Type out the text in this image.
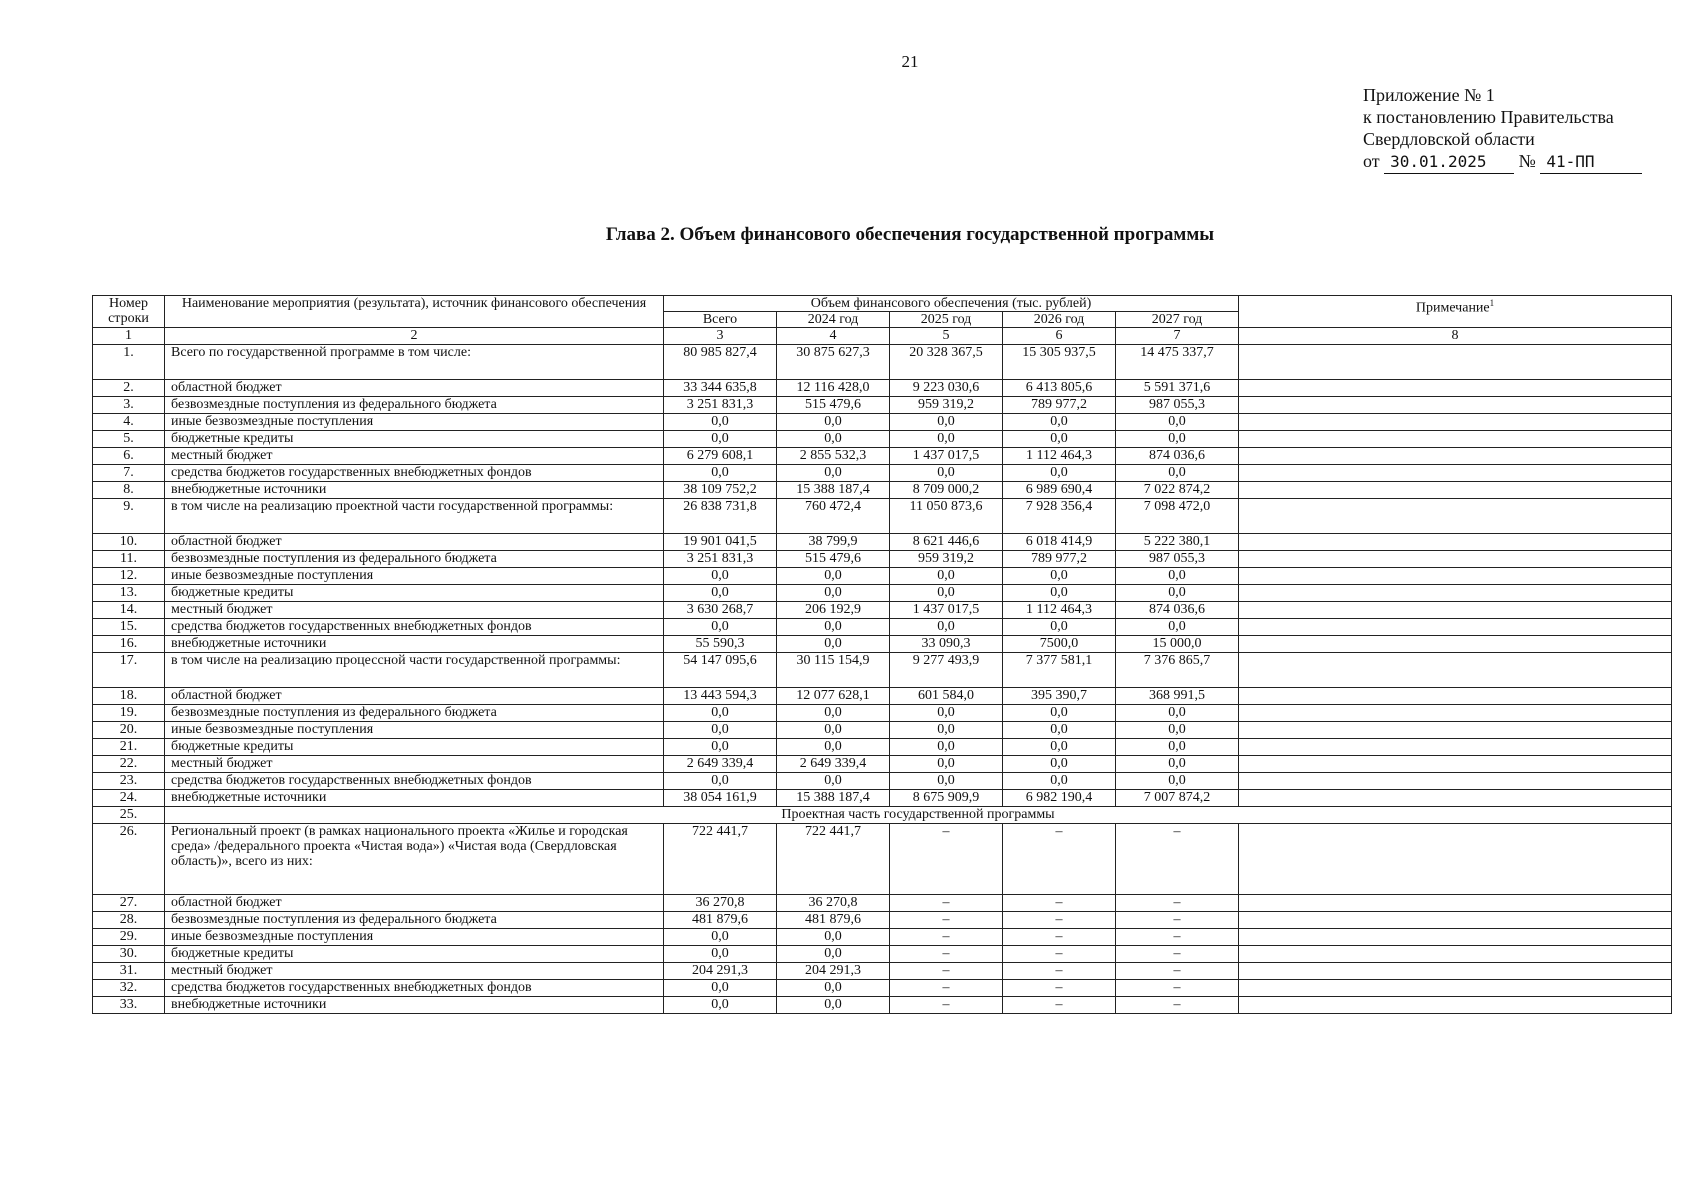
21
Приложение № 1
к постановлению Правительства
Свердловской области
от 30.01.2025 № 41-ПП
Глава 2. Объем финансового обеспечения государственной программы
Номер строки	Наименование мероприятия (результата), источник финансового обеспечения	Объем финансового обеспечения (тыс. рублей)					Примечание$^1$
		Всего	2024 год	2025 год	2026 год	2027 год	
1	2	3	4	5	6	7	8
1.	Всего по государственной программе в том числе:	80 985 827,4	30 875 627,3	20 328 367,5	15 305 937,5	14 475 337,7	
2.	областной бюджет	33 344 635,8	12 116 428,0	9 223 030,6	6 413 805,6	5 591 371,6	
3.	безвозмездные поступления из федерального бюджета	3 251 831,3	515 479,6	959 319,2	789 977,2	987 055,3	
4.	иные безвозмездные поступления	0,0	0,0	0,0	0,0	0,0	
5.	бюджетные кредиты	0,0	0,0	0,0	0,0	0,0	
6.	местный бюджет	6 279 608,1	2 855 532,3	1 437 017,5	1 112 464,3	874 036,6	
7.	средства бюджетов государственных внебюджетных фондов	0,0	0,0	0,0	0,0	0,0	
8.	внебюджетные источники	38 109 752,2	15 388 187,4	8 709 000,2	6 989 690,4	7 022 874,2	
9.	в том числе на реализацию проектной части государственной программы:	26 838 731,8	760 472,4	11 050 873,6	7 928 356,4	7 098 472,0	
10.	областной бюджет	19 901 041,5	38 799,9	8 621 446,6	6 018 414,9	5 222 380,1	
11.	безвозмездные поступления из федерального бюджета	3 251 831,3	515 479,6	959 319,2	789 977,2	987 055,3	
12.	иные безвозмездные поступления	0,0	0,0	0,0	0,0	0,0	
13.	бюджетные кредиты	0,0	0,0	0,0	0,0	0,0	
14.	местный бюджет	3 630 268,7	206 192,9	1 437 017,5	1 112 464,3	874 036,6	
15.	средства бюджетов государственных внебюджетных фондов	0,0	0,0	0,0	0,0	0,0	
16.	внебюджетные источники	55 590,3	0,0	33 090,3	7500,0	15 000,0	
17.	в том числе на реализацию процессной части государственной программы:	54 147 095,6	30 115 154,9	9 277 493,9	7 377 581,1	7 376 865,7	
18.	областной бюджет	13 443 594,3	12 077 628,1	601 584,0	395 390,7	368 991,5	
19.	безвозмездные поступления из федерального бюджета	0,0	0,0	0,0	0,0	0,0	
20.	иные безвозмездные поступления	0,0	0,0	0,0	0,0	0,0	
21.	бюджетные кредиты	0,0	0,0	0,0	0,0	0,0	
22.	местный бюджет	2 649 339,4	2 649 339,4	0,0	0,0	0,0	
23.	средства бюджетов государственных внебюджетных фондов	0,0	0,0	0,0	0,0	0,0	
24.	внебюджетные источники	38 054 161,9	15 388 187,4	8 675 909,9	6 982 190,4	7 007 874,2	
25.	Проектная часть государственной программы						
26.	Региональный проект (в рамках национального проекта «Жилье и городская среда» /федерального проекта «Чистая вода») «Чистая вода (Свердловская область)», всего из них:	722 441,7	722 441,7	–	–	–	
27.	областной бюджет	36 270,8	36 270,8	–	–	–	
28.	безвозмездные поступления из федерального бюджета	481 879,6	481 879,6	–	–	–	
29.	иные безвозмездные поступления	0,0	0,0	–	–	–	
30.	бюджетные кредиты	0,0	0,0	–	–	–	
31.	местный бюджет	204 291,3	204 291,3	–	–	–	
32.	средства бюджетов государственных внебюджетных фондов	0,0	0,0	–	–	–	
33.	внебюджетные источники	0,0	0,0	–	–	–	
